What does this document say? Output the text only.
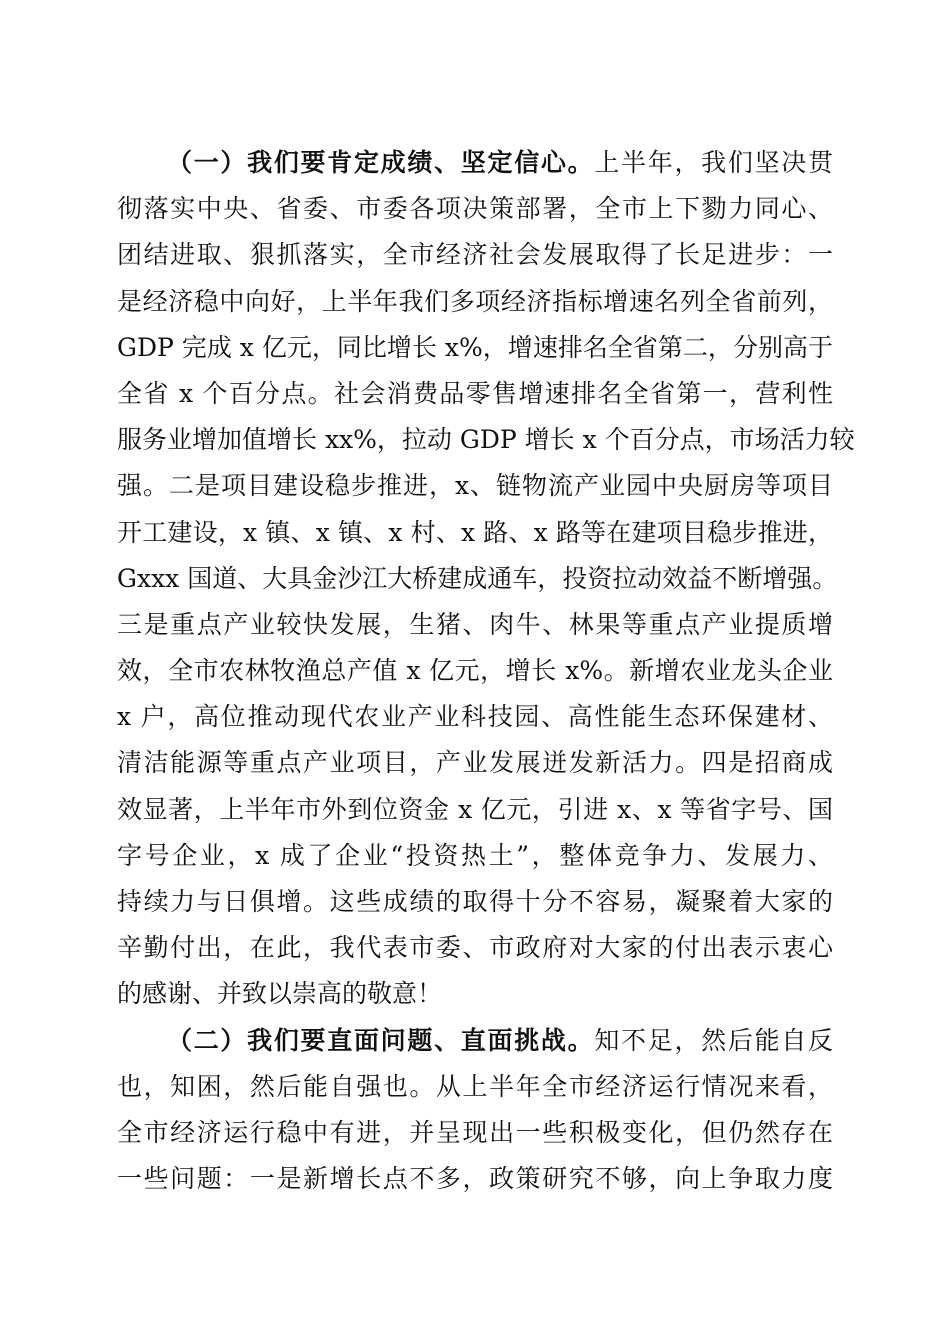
（一）我们要肯定成绩、坚定信心。上半年，我们坚决贯
彻落实中央、省委、市委各项决策部署，全市上下勠力同心、
团结进取、狠抓落实，全市经济社会发展取得了长足进步：一
是经济稳中向好，上半年我们多项经济指标增速名列全省前列，
GDP 完成 x 亿元，同比增长 x%，增速排名全省第二，分别高于
全省 x 个百分点。社会消费品零售增速排名全省第一，营利性
服务业增加值增长 xx%，拉动 GDP 增长 x 个百分点，市场活力较
强。二是项目建设稳步推进，x、链物流产业园中央厨房等项目
开工建设，x 镇、x 镇、x 村、x 路、x 路等在建项目稳步推进，
Gxxx 国道、大具金沙江大桥建成通车，投资拉动效益不断增强。
三是重点产业较快发展，生猪、肉牛、林果等重点产业提质增
效，全市农林牧渔总产值 x 亿元，增长 x%。新增农业龙头企业
x 户，高位推动现代农业产业科技园、高性能生态环保建材、
清洁能源等重点产业项目，产业发展迸发新活力。四是招商成
效显著，上半年市外到位资金 x 亿元，引进 x、x 等省字号、国
字号企业，x 成了企业“投资热土”，整体竞争力、发展力、
持续力与日俱增。这些成绩的取得十分不容易，凝聚着大家的
辛勤付出，在此，我代表市委、市政府对大家的付出表示衷心
的感谢、并致以崇高的敬意！
（二）我们要直面问题、直面挑战。知不足，然后能自反
也，知困，然后能自强也。从上半年全市经济运行情况来看，
全市经济运行稳中有进，并呈现出一些积极变化，但仍然存在
一些问题：一是新增长点不多，政策研究不够，向上争取力度
